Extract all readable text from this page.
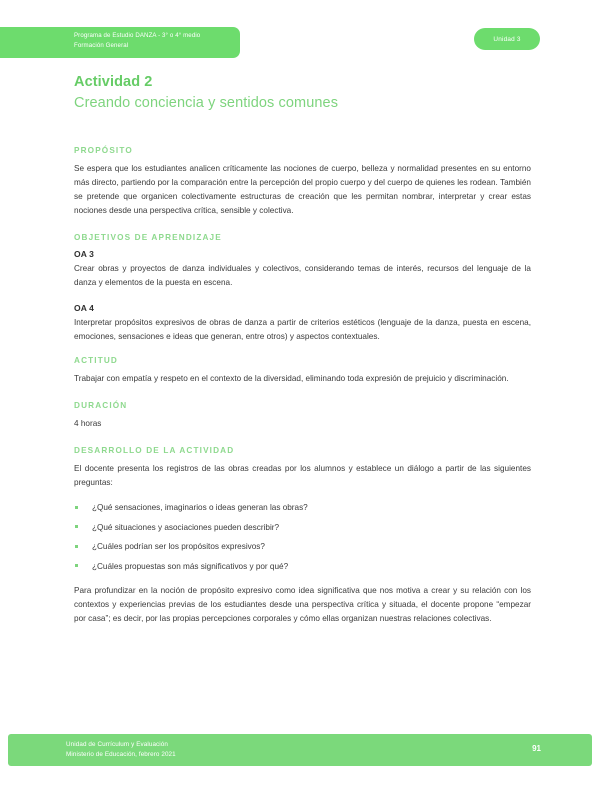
Programa de Estudio DANZA - 3° o 4° medio
Formación General
Unidad 3
Actividad 2
Creando conciencia y sentidos comunes
PROPÓSITO
Se espera que los estudiantes analicen críticamente las nociones de cuerpo, belleza y normalidad presentes en su entorno más directo, partiendo por la comparación entre la percepción del propio cuerpo y del cuerpo de quienes les rodean. También se pretende que organicen colectivamente estructuras de creación que les permitan nombrar, interpretar y crear estas nociones desde una perspectiva crítica, sensible y colectiva.
OBJETIVOS DE APRENDIZAJE
OA 3
Crear obras y proyectos de danza individuales y colectivos, considerando temas de interés, recursos del lenguaje de la danza y elementos de la puesta en escena.
OA 4
Interpretar propósitos expresivos de obras de danza a partir de criterios estéticos (lenguaje de la danza, puesta en escena, emociones, sensaciones e ideas que generan, entre otros) y aspectos contextuales.
ACTITUD
Trabajar con empatía y respeto en el contexto de la diversidad, eliminando toda expresión de prejuicio y discriminación.
DURACIÓN
4 horas
DESARROLLO DE LA ACTIVIDAD
El docente presenta los registros de las obras creadas por los alumnos y establece un diálogo a partir de las siguientes preguntas:
¿Qué sensaciones, imaginarios o ideas generan las obras?
¿Qué situaciones y asociaciones pueden describir?
¿Cuáles podrían ser los propósitos expresivos?
¿Cuáles propuestas son más significativos y por qué?
Para profundizar en la noción de propósito expresivo como idea significativa que nos motiva a crear y su relación con los contextos y experiencias previas de los estudiantes desde una perspectiva crítica y situada, el docente propone “empezar por casa”; es decir, por las propias percepciones corporales y cómo ellas organizan nuestras relaciones colectivas.
Unidad de Currículum y Evaluación
Ministerio de Educación, febrero 2021
91
